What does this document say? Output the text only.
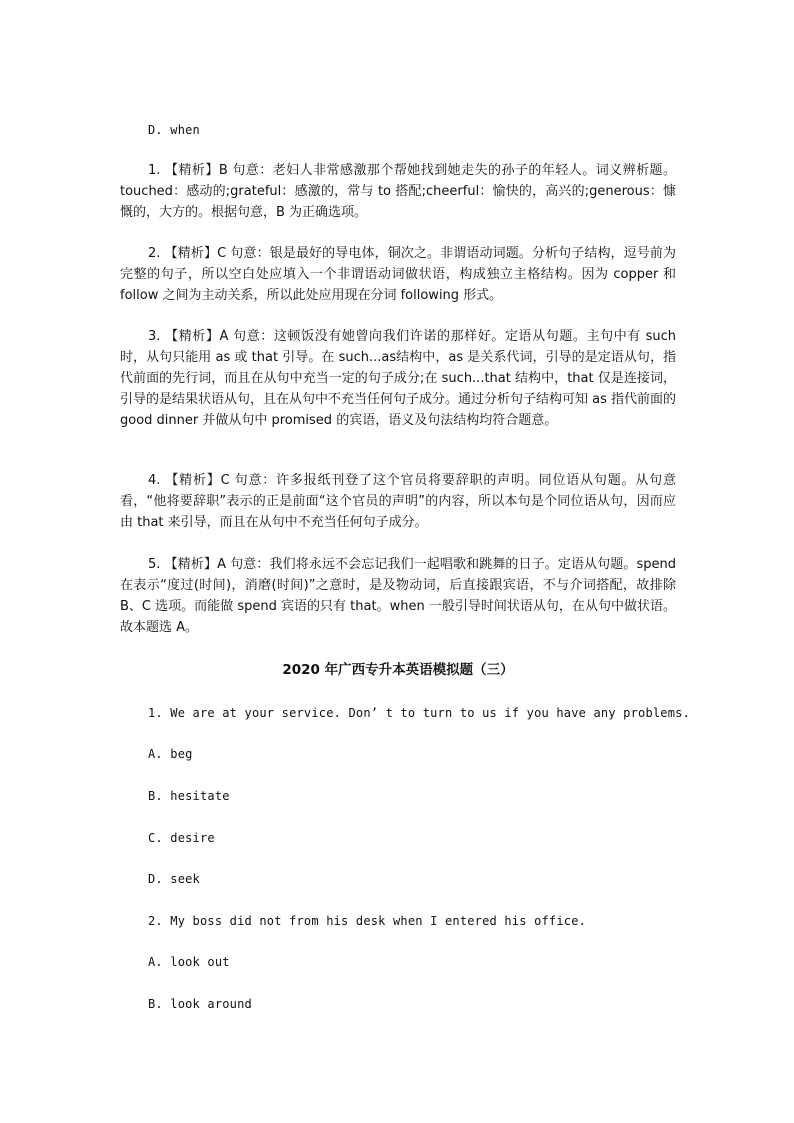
D. when
1. 【精析】B 句意：老妇人非常感激那个帮她找到她走失的孙子的年轻人。词义辨析题。touched：感动的;grateful：感激的，常与 to 搭配;cheerful：愉快的，高兴的;generous：慷慨的，大方的。根据句意，B 为正确选项。
2. 【精析】C 句意：银是最好的导电体，铜次之。非谓语动词题。分析句子结构，逗号前为完整的句子，所以空白处应填入一个非谓语动词做状语，构成独立主格结构。因为 copper 和 follow 之间为主动关系，所以此处应用现在分词 following 形式。
3. 【精析】A 句意：这顿饭没有她曾向我们许诺的那样好。定语从句题。主句中有 such时，从句只能用 as 或 that 引导。在 such...as结构中，as 是关系代词，引导的是定语从句，指代前面的先行词，而且在从句中充当一定的句子成分;在 such...that 结构中，that 仅是连接词，引导的是结果状语从句，且在从句中不充当任何句子成分。通过分析句子结构可知 as 指代前面的 good dinner 并做从句中 promised 的宾语，语义及句法结构均符合题意。
4. 【精析】C 句意：许多报纸刊登了这个官员将要辞职的声明。同位语从句题。从句意看，“他将要辞职”表示的正是前面“这个官员的声明”的内容，所以本句是个同位语从句，因而应由 that 来引导，而且在从句中不充当任何句子成分。
5. 【精析】A 句意：我们将永远不会忘记我们一起唱歌和跳舞的日子。定语从句题。spend 在表示“度过(时间)，消磨(时间)”之意时，是及物动词，后直接跟宾语，不与介词搭配，故排除 B、C 选项。而能做 spend 宾语的只有 that。when 一般引导时间状语从句，在从句中做状语。故本题选 A。
2020 年广西专升本英语模拟题（三）
1. We are at your service. Don’ t to turn to us if you have any problems.
A. beg
B. hesitate
C. desire
D. seek
2. My boss did not from his desk when I entered his office.
A. look out
B. look around
